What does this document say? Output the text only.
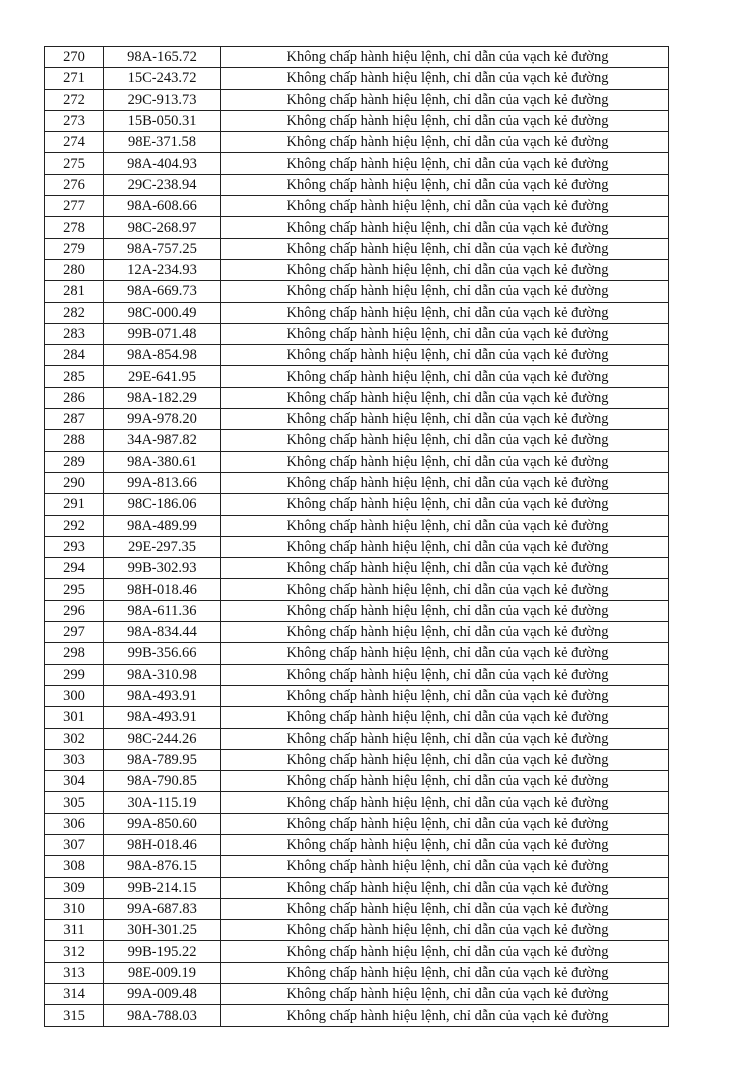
270	98A-165.72	Không chấp hành hiệu lệnh, chỉ dẫn của vạch kẻ đường
271	15C-243.72	Không chấp hành hiệu lệnh, chỉ dẫn của vạch kẻ đường
272	29C-913.73	Không chấp hành hiệu lệnh, chỉ dẫn của vạch kẻ đường
273	15B-050.31	Không chấp hành hiệu lệnh, chỉ dẫn của vạch kẻ đường
274	98E-371.58	Không chấp hành hiệu lệnh, chỉ dẫn của vạch kẻ đường
275	98A-404.93	Không chấp hành hiệu lệnh, chỉ dẫn của vạch kẻ đường
276	29C-238.94	Không chấp hành hiệu lệnh, chỉ dẫn của vạch kẻ đường
277	98A-608.66	Không chấp hành hiệu lệnh, chỉ dẫn của vạch kẻ đường
278	98C-268.97	Không chấp hành hiệu lệnh, chỉ dẫn của vạch kẻ đường
279	98A-757.25	Không chấp hành hiệu lệnh, chỉ dẫn của vạch kẻ đường
280	12A-234.93	Không chấp hành hiệu lệnh, chỉ dẫn của vạch kẻ đường
281	98A-669.73	Không chấp hành hiệu lệnh, chỉ dẫn của vạch kẻ đường
282	98C-000.49	Không chấp hành hiệu lệnh, chỉ dẫn của vạch kẻ đường
283	99B-071.48	Không chấp hành hiệu lệnh, chỉ dẫn của vạch kẻ đường
284	98A-854.98	Không chấp hành hiệu lệnh, chỉ dẫn của vạch kẻ đường
285	29E-641.95	Không chấp hành hiệu lệnh, chỉ dẫn của vạch kẻ đường
286	98A-182.29	Không chấp hành hiệu lệnh, chỉ dẫn của vạch kẻ đường
287	99A-978.20	Không chấp hành hiệu lệnh, chỉ dẫn của vạch kẻ đường
288	34A-987.82	Không chấp hành hiệu lệnh, chỉ dẫn của vạch kẻ đường
289	98A-380.61	Không chấp hành hiệu lệnh, chỉ dẫn của vạch kẻ đường
290	99A-813.66	Không chấp hành hiệu lệnh, chỉ dẫn của vạch kẻ đường
291	98C-186.06	Không chấp hành hiệu lệnh, chỉ dẫn của vạch kẻ đường
292	98A-489.99	Không chấp hành hiệu lệnh, chỉ dẫn của vạch kẻ đường
293	29E-297.35	Không chấp hành hiệu lệnh, chỉ dẫn của vạch kẻ đường
294	99B-302.93	Không chấp hành hiệu lệnh, chỉ dẫn của vạch kẻ đường
295	98H-018.46	Không chấp hành hiệu lệnh, chỉ dẫn của vạch kẻ đường
296	98A-611.36	Không chấp hành hiệu lệnh, chỉ dẫn của vạch kẻ đường
297	98A-834.44	Không chấp hành hiệu lệnh, chỉ dẫn của vạch kẻ đường
298	99B-356.66	Không chấp hành hiệu lệnh, chỉ dẫn của vạch kẻ đường
299	98A-310.98	Không chấp hành hiệu lệnh, chỉ dẫn của vạch kẻ đường
300	98A-493.91	Không chấp hành hiệu lệnh, chỉ dẫn của vạch kẻ đường
301	98A-493.91	Không chấp hành hiệu lệnh, chỉ dẫn của vạch kẻ đường
302	98C-244.26	Không chấp hành hiệu lệnh, chỉ dẫn của vạch kẻ đường
303	98A-789.95	Không chấp hành hiệu lệnh, chỉ dẫn của vạch kẻ đường
304	98A-790.85	Không chấp hành hiệu lệnh, chỉ dẫn của vạch kẻ đường
305	30A-115.19	Không chấp hành hiệu lệnh, chỉ dẫn của vạch kẻ đường
306	99A-850.60	Không chấp hành hiệu lệnh, chỉ dẫn của vạch kẻ đường
307	98H-018.46	Không chấp hành hiệu lệnh, chỉ dẫn của vạch kẻ đường
308	98A-876.15	Không chấp hành hiệu lệnh, chỉ dẫn của vạch kẻ đường
309	99B-214.15	Không chấp hành hiệu lệnh, chỉ dẫn của vạch kẻ đường
310	99A-687.83	Không chấp hành hiệu lệnh, chỉ dẫn của vạch kẻ đường
311	30H-301.25	Không chấp hành hiệu lệnh, chỉ dẫn của vạch kẻ đường
312	99B-195.22	Không chấp hành hiệu lệnh, chỉ dẫn của vạch kẻ đường
313	98E-009.19	Không chấp hành hiệu lệnh, chỉ dẫn của vạch kẻ đường
314	99A-009.48	Không chấp hành hiệu lệnh, chỉ dẫn của vạch kẻ đường
315	98A-788.03	Không chấp hành hiệu lệnh, chỉ dẫn của vạch kẻ đường
